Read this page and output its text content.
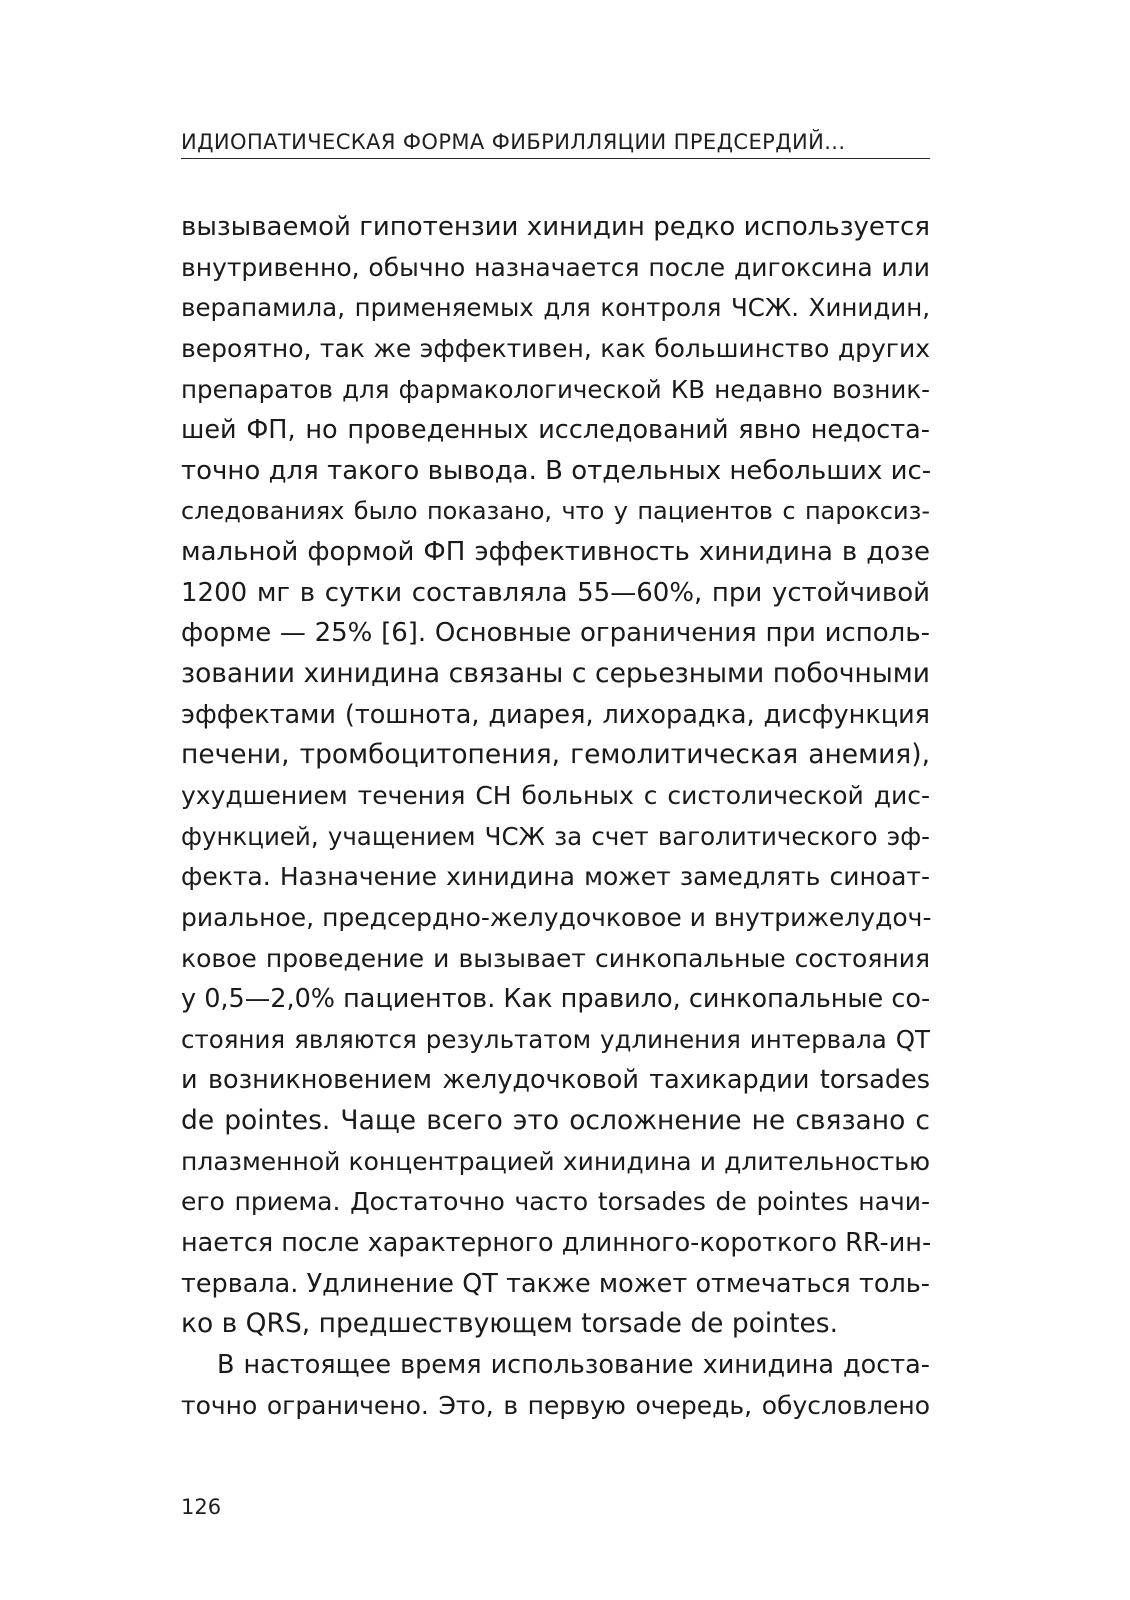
ИДИОПАТИЧЕСКАЯ ФОРМА ФИБРИЛЛЯЦИИ ПРЕДСЕРДИЙ...
вызываемой гипотензии хинидин редко используется
внутривенно, обычно назначается после дигоксина или
верапамила, применяемых для контроля ЧСЖ. Хинидин,
вероятно, так же эффективен, как большинство других
препаратов для фармакологической КВ недавно возник-
шей ФП, но проведенных исследований явно недоста-
точно для такого вывода. В отдельных небольших ис-
следованиях было показано, что у пациентов с пароксиз-
мальной формой ФП эффективность хинидина в дозе
1200 мг в сутки составляла 55—60%, при устойчивой
форме — 25% [6]. Основные ограничения при исполь-
зовании хинидина связаны с серьезными побочными
эффектами (тошнота, диарея, лихорадка, дисфункция
печени, тромбоцитопения, гемолитическая анемия),
ухудшением течения СН больных с систолической дис-
функцией, учащением ЧСЖ за счет ваголитического эф-
фекта. Назначение хинидина может замедлять синоат-
риальное, предсердно-желудочковое и внутрижелудоч-
ковое проведение и вызывает синкопальные состояния
у 0,5—2,0% пациентов. Как правило, синкопальные со-
стояния являются результатом удлинения интервала QT
и возникновением желудочковой тахикардии torsades
de pointes. Чаще всего это осложнение не связано с
плазменной концентрацией хинидина и длительностью
его приема. Достаточно часто torsades de pointes начи-
нается после характерного длинного-короткого RR-ин-
тервала. Удлинение QT также может отмечаться толь-
ко в QRS, предшествующем torsade de pointes.
В настоящее время использование хинидина доста-
точно ограничено. Это, в первую очередь, обусловлено
126
